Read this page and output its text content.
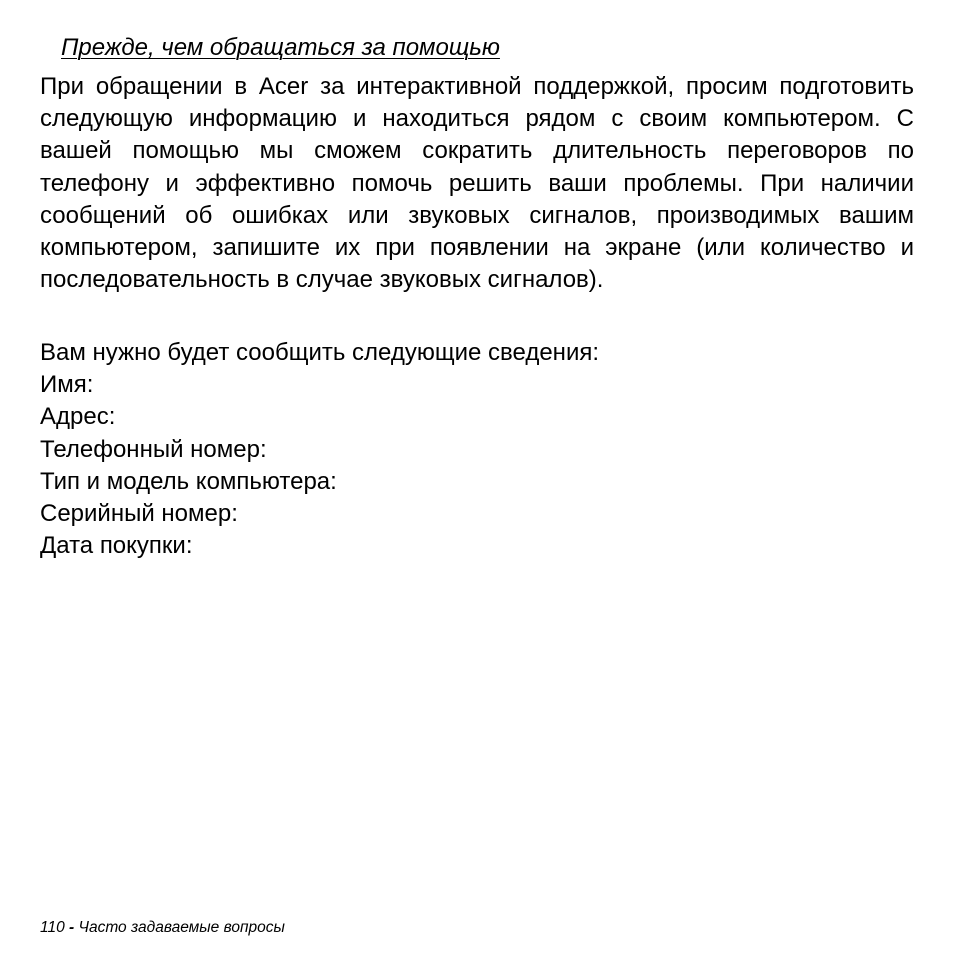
Прежде, чем обращаться за помощью

При обращении в Acer за интерактивной поддержкой, просим подготовить следующую информацию и находиться рядом с своим компьютером. С вашей помощью мы сможем сократить длительность переговоров по телефону и эффективно помочь решить ваши проблемы. При наличии сообщений об ошибках или звуковых сигналов, производимых вашим компьютером, запишите их при появлении на экране (или количество и последовательность в случае звуковых сигналов).

Вам нужно будет сообщить следующие сведения:
Имя:
Адрес:
Телефонный номер:
Тип и модель компьютера:
Серийный номер:
Дата покупки:
110 - Часто задаваемые вопросы
